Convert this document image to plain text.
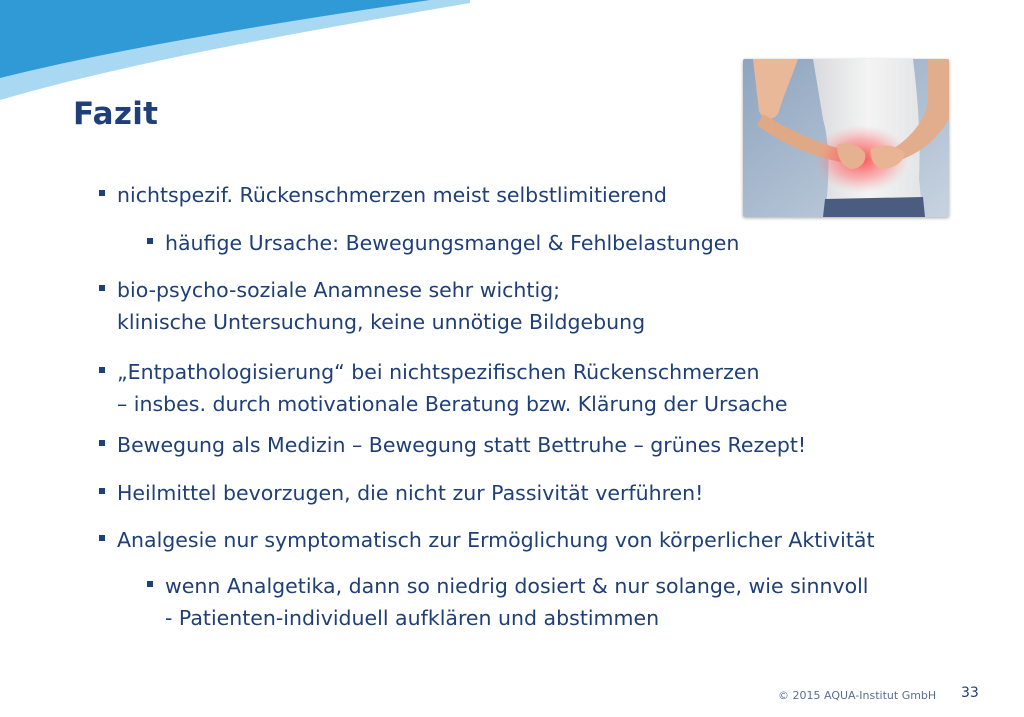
Fazit
nichtspezif. Rückenschmerzen meist selbstlimitierend
häufige Ursache: Bewegungsmangel & Fehlbelastungen
bio-psycho-soziale Anamnese sehr wichtig;
klinische Untersuchung, keine unnötige Bildgebung
„Entpathologisierung“ bei nichtspezifischen Rückenschmerzen
– insbes. durch motivationale Beratung bzw. Klärung der Ursache
Bewegung als Medizin – Bewegung statt Bettruhe – grünes Rezept!
Heilmittel bevorzugen, die nicht zur Passivität verführen!
Analgesie nur symptomatisch zur Ermöglichung von körperlicher Aktivität
wenn Analgetika, dann so niedrig dosiert & nur solange, wie sinnvoll
- Patienten-individuell aufklären und abstimmen
© 2015 AQUA-Institut GmbH 33
